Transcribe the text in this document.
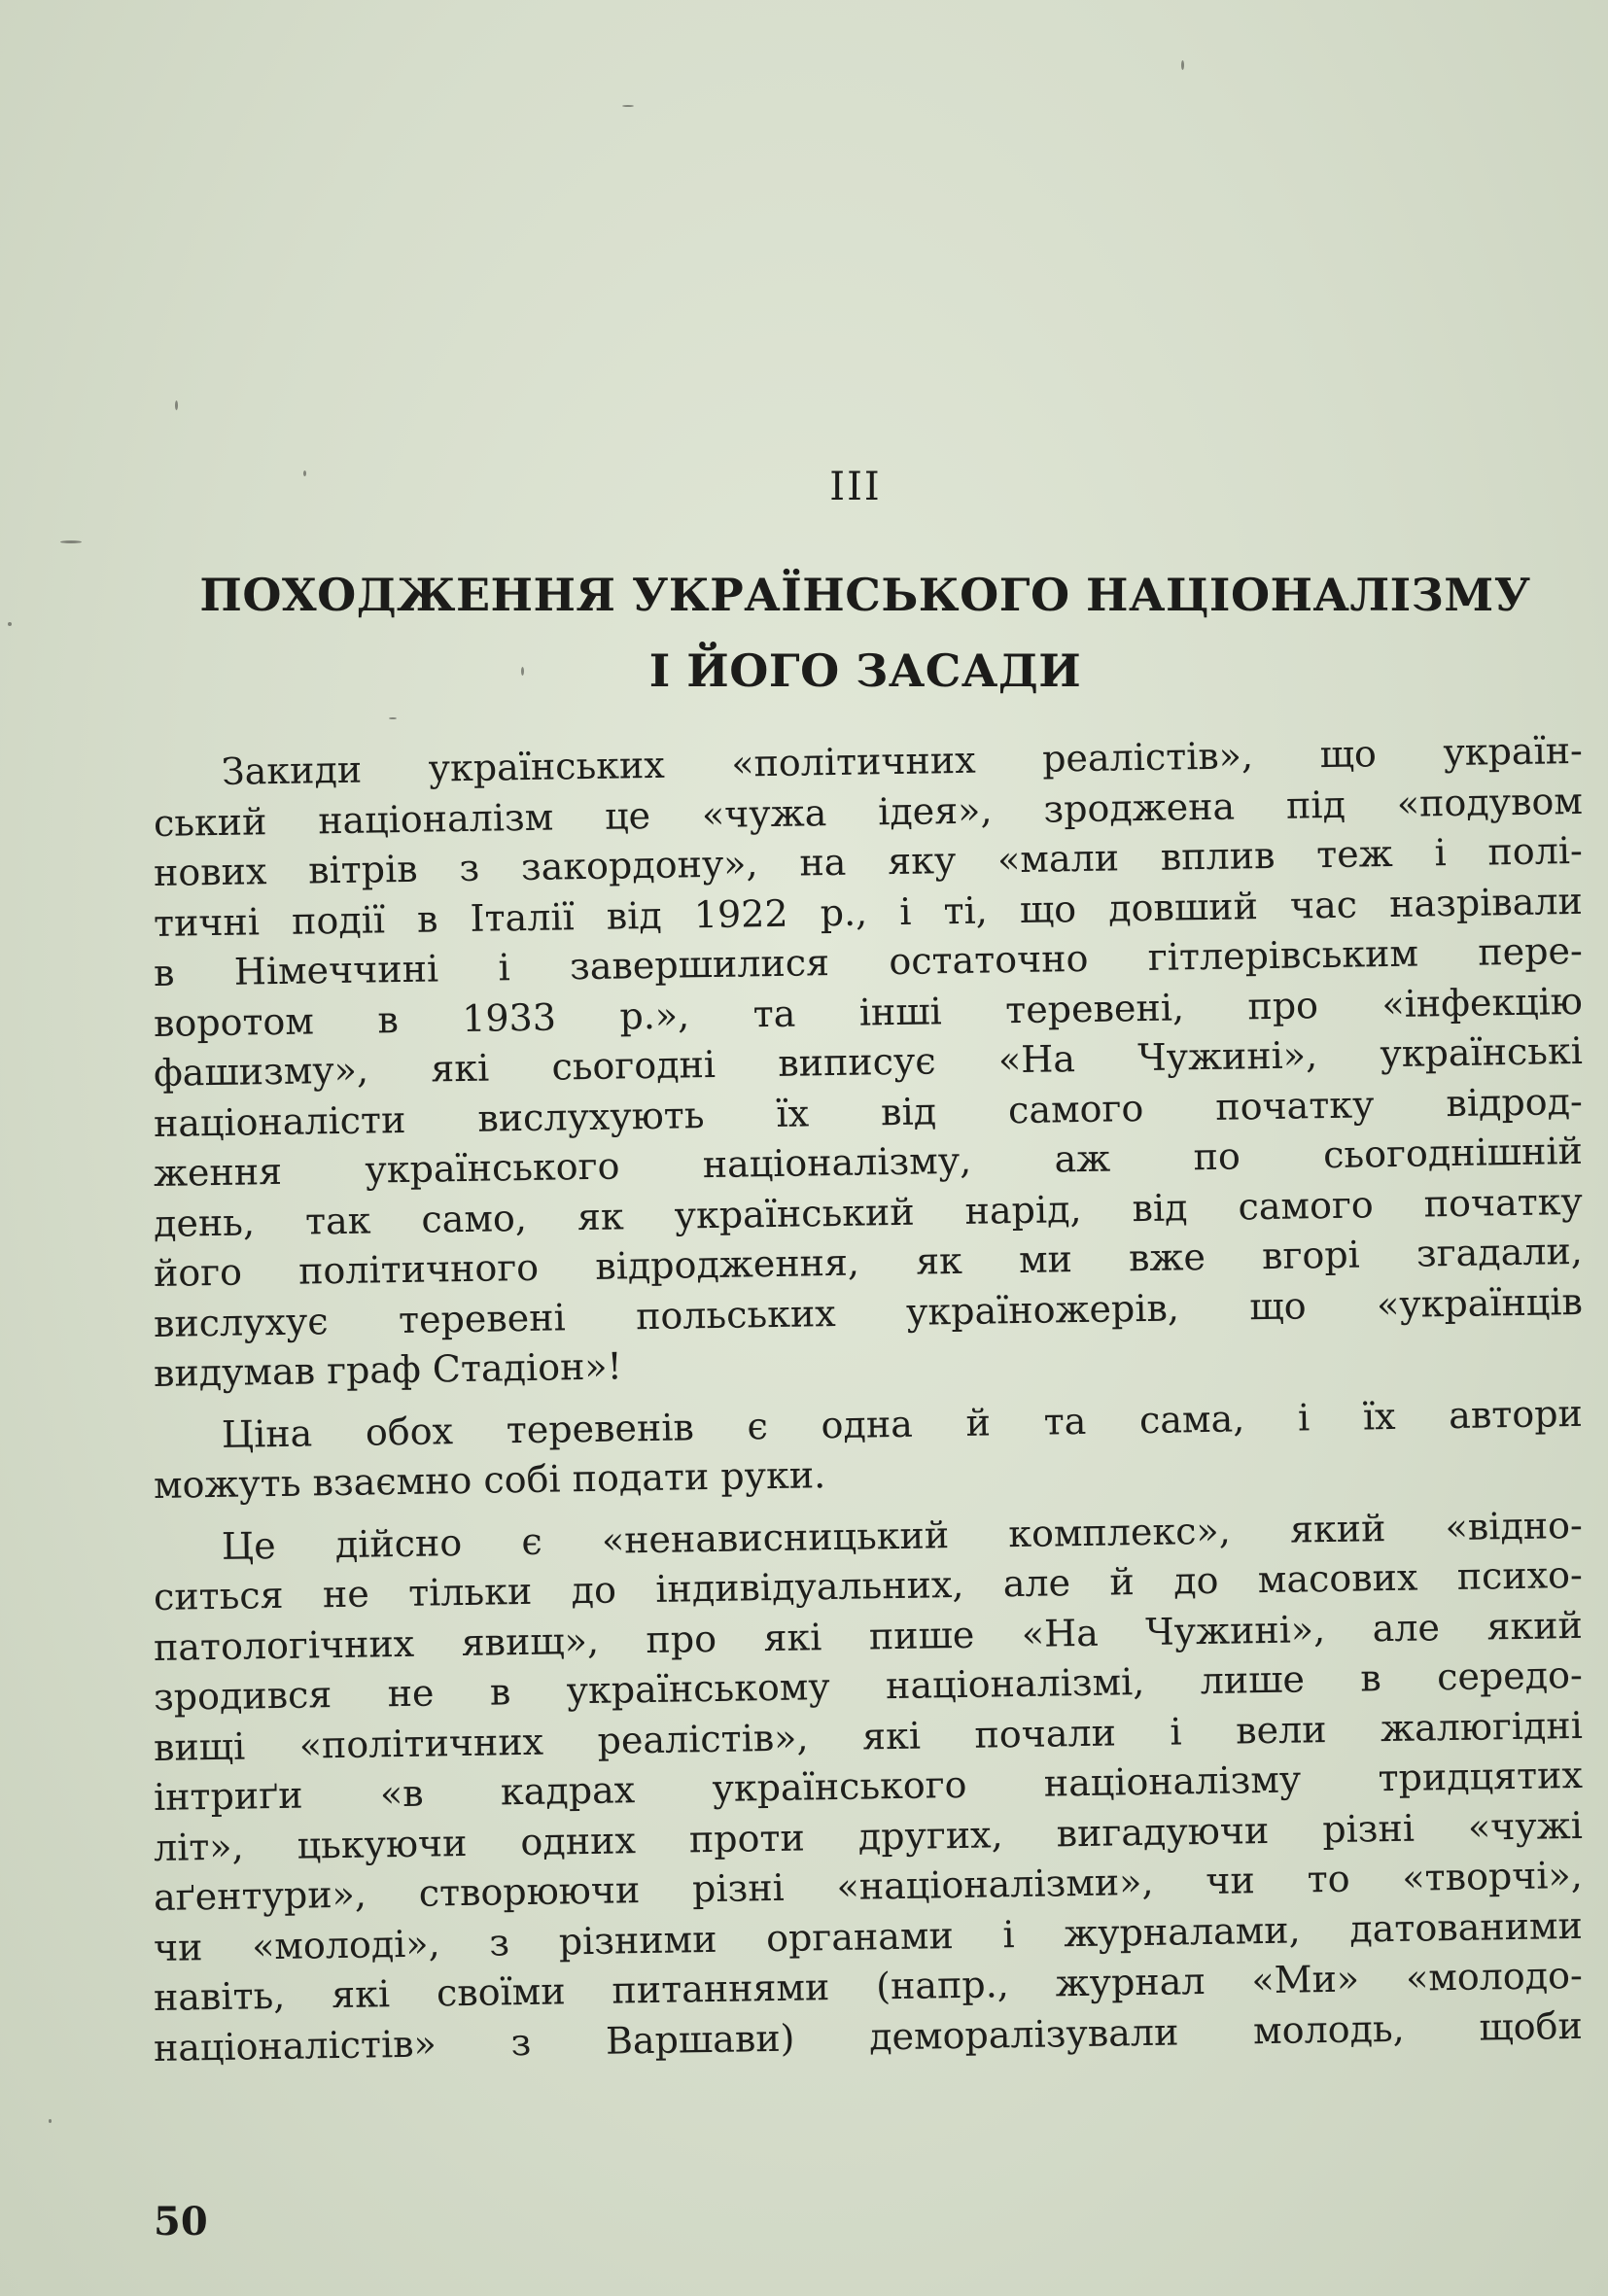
III
ПОХОДЖЕННЯ УКРАЇНСЬКОГО НАЦІОНАЛІЗМУ
І ЙОГО ЗАСАДИ
Закиди українських «політичних реалістів», що україн-
ський націоналізм це «чужа ідея», зроджена під «подувом
нових вітрів з закордону», на яку «мали вплив теж і полі-
тичні події в Італії від 1922 р., і ті, що довший час назрівали
в Німеччині і завершилися остаточно гітлерівським пере-
воротом в 1933 р.», та інші теревені, про «інфекцію
фашизму», які сьогодні виписує «На Чужині», українські
націоналісти вислухують їх від самого початку відрод-
ження українського націоналізму, аж по сьогоднішній
день, так само, як український нарід, від самого початку
його політичного відродження, як ми вже вгорі згадали,
вислухує теревені польських україножерів, що «українців
видумав граф Стадіон»!
Ціна обох теревенів є одна й та сама, і їх автори
можуть взаємно собі подати руки.
Це дійсно є «ненависницький комплекс», який «відно-
ситься не тільки до індивідуальних, але й до масових психо-
патологічних явищ», про які пише «На Чужині», але який
зродився не в українському націоналізмі, лише в середо-
вищі «політичних реалістів», які почали і вели жалюгідні
інтриґи «в кадрах українського націоналізму тридцятих
літ», цькуючи одних проти других, вигадуючи різні «чужі
аґентури», створюючи різні «націоналізми», чи то «творчі»,
чи «молоді», з різними органами і журналами, датованими
навіть, які своїми питаннями (напр., журнал «Ми» «молодо-
націоналістів» з Варшави) деморалізували молодь, щоби
50
